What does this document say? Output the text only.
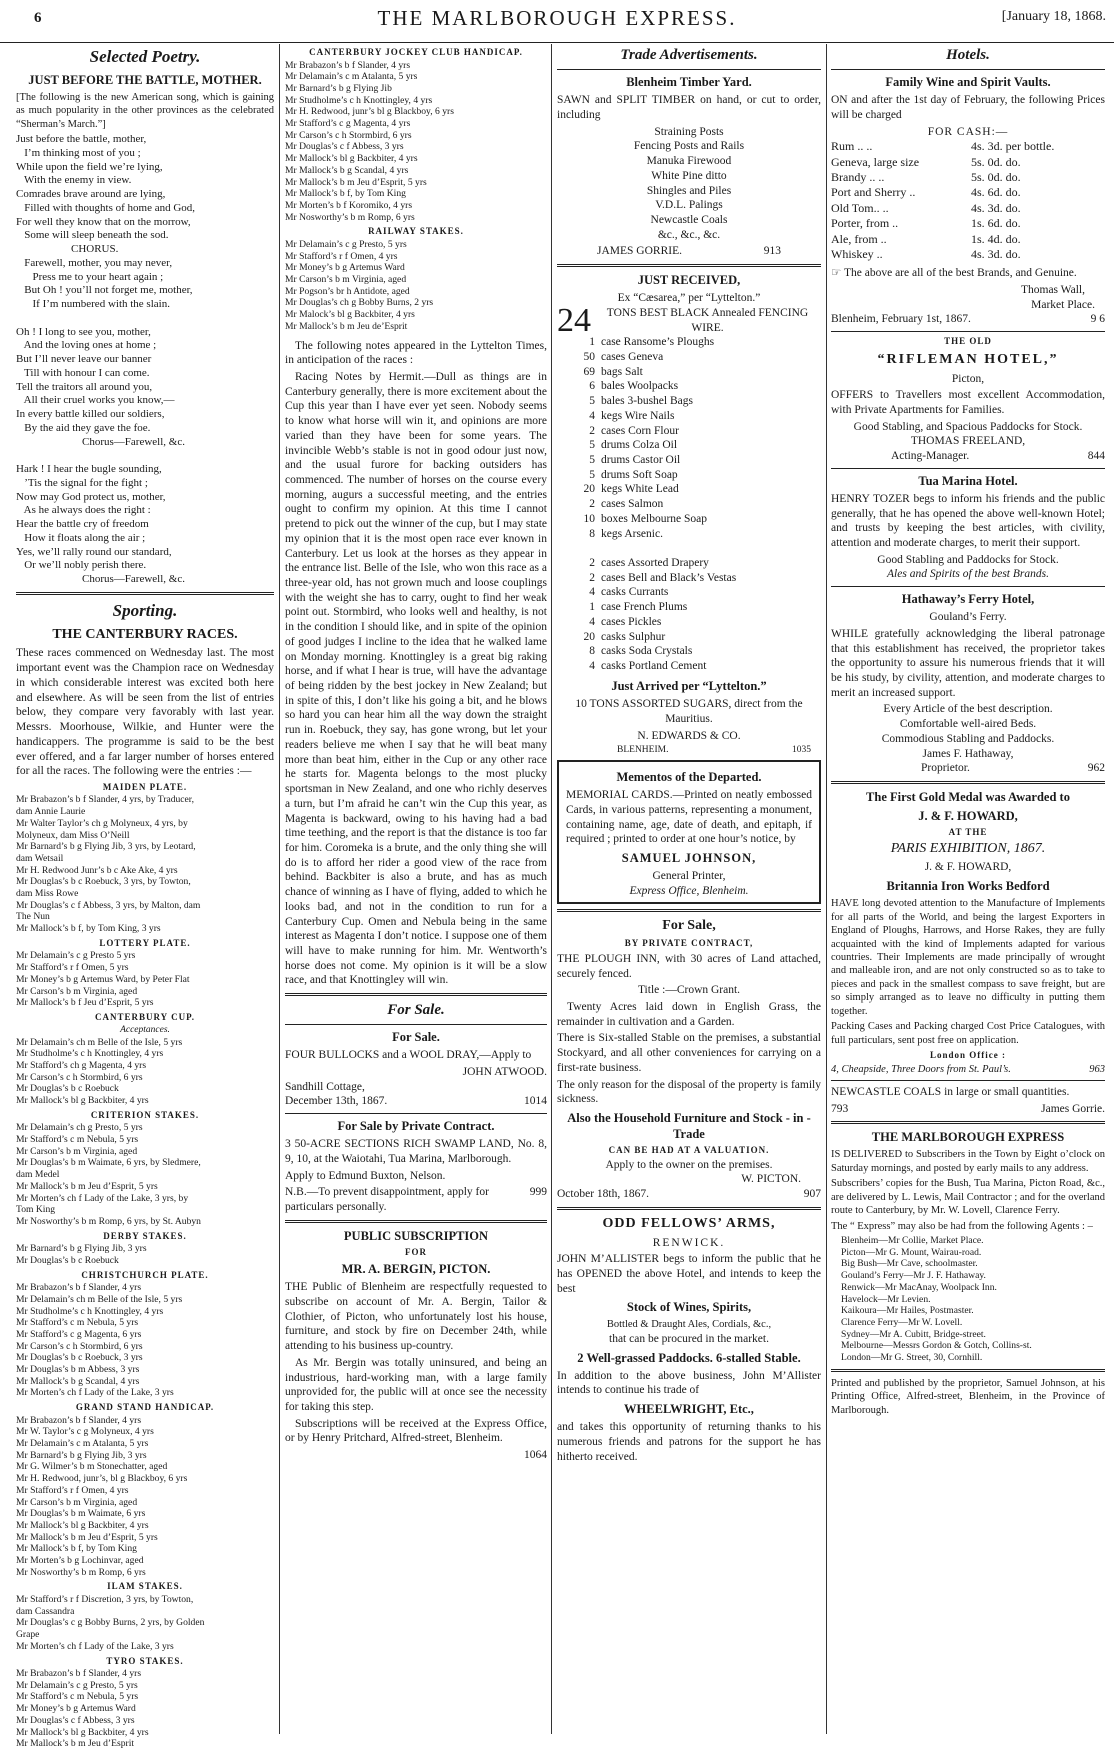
6	THE MARLBOROUGH EXPRESS.	[January 18, 1868.
Selected Poetry.
JUST BEFORE THE BATTLE, MOTHER.

[The following is the new American song, which is gaining as much popularity in the other provinces as the celebrated “Sherman’s March.”]

Just before the battle, mother,
I’m thinking most of you ;
While upon the field we’re lying,
With the enemy in view.
Comrades brave around are lying,
Filled with thoughts of home and God,
For well they know that on the morrow,
Some will sleep beneath the sod.
CHORUS.
Farewell, mother, you may never,
Press me to your heart again ;
But Oh ! you’ll not forget me, mother,
If I’m numbered with the slain.

Oh ! I long to see you, mother,
And the loving ones at home ;
But I’ll never leave our banner
Till with honour I can come.
Tell the traitors all around you,
All their cruel works you know,—
In every battle killed our soldiers,
By the aid they gave the foe.
Chorus—Farewell, &c.

Hark ! I hear the bugle sounding,
’Tis the signal for the fight ;
Now may God protect us, mother,
As he always does the right :
Hear the battle cry of freedom
How it floats along the air ;
Yes, we’ll rally round our standard,
Or we’ll nobly perish there.
Chorus—Farewell, &c.
Sporting.
THE CANTERBURY RACES.

These races commenced on Wednesday last. The most important event was the Champion race on Wednesday in which considerable interest was excited both here and elsewhere. As will be seen from the list of entries below, they compare very favorably with last year. Messrs. Moorhouse, Wilkie, and Hunter were the handicappers. The programme is said to be the best ever offered, and a far larger number of horses entered for all the races. The following were the entries :—

MAIDEN PLATE.
Mr Brabazon’s b f Slander, 4 yrs, by Traducer,
dam Annie Laurie
Mr Walter Taylor’s ch g Molyneux, 4 yrs, by
Molyneux, dam Miss O’Neill
Mr Barnard’s b g Flying Jib, 3 yrs, by Leotard,
dam Wetsail
Mr H. Redwood Junr’s b c Ake Ake, 4 yrs
Mr Douglas’s b c Roebuck, 3 yrs, by Towton,
dam Miss Rowe
Mr Douglas’s c f Abbess, 3 yrs, by Malton, dam
The Nun
Mr Mallock’s b f, by Tom King, 3 yrs
LOTTERY PLATE.
Mr Delamain’s c g Presto 5 yrs
Mr Stafford’s r f Omen, 5 yrs
Mr Money’s b g Artemus Ward, by Peter Flat
Mr Carson’s b m Virginia, aged
Mr Mallock’s b f Jeu d’Esprit, 5 yrs
CANTERBURY CUP.
Acceptances.
Mr Delamain’s ch m Belle of the Isle, 5 yrs
Mr Studholme’s c h Knottingley, 4 yrs
Mr Stafford’s ch g Magenta, 4 yrs
Mr Carson’s c h Stormbird, 6 yrs
Mr Douglas’s b c Roebuck
Mr Mallock’s bl g Backbiter, 4 yrs
CRITERION STAKES.
Mr Delamain’s ch g Presto, 5 yrs
Mr Stafford’s c m Nebula, 5 yrs
Mr Carson’s b m Virginia, aged
Mr Douglas’s b m Waimate, 6 yrs, by Sledmere,
dam Medel
Mr Mallock’s b m Jeu d’Esprit, 5 yrs
Mr Morten’s ch f Lady of the Lake, 3 yrs, by
Tom King
Mr Nosworthy’s b m Romp, 6 yrs, by St. Aubyn
DERBY STAKES.
Mr Barnard’s b g Flying Jib, 3 yrs
Mr Douglas’s b c Roebuck
CHRISTCHURCH PLATE.
Mr Brabazon’s b f Slander, 4 yrs
Mr Delamain’s ch m Belle of the Isle, 5 yrs
Mr Studholme’s c h Knottingley, 4 yrs
Mr Stafford’s c m Nebula, 5 yrs
Mr Stafford’s c g Magenta, 6 yrs
Mr Carson’s c h Stormbird, 6 yrs
Mr Douglas’s b c Roebuck, 3 yrs
Mr Douglas’s b m Abbess, 3 yrs
Mr Mallock’s b g Scandal, 4 yrs
Mr Morten’s ch f Lady of the Lake, 3 yrs
GRAND STAND HANDICAP.
Mr Brabazon’s b f Slander, 4 yrs
Mr W. Taylor’s c g Molyneux, 4 yrs
Mr Delamain’s c m Atalanta, 5 yrs
Mr Barnard’s b g Flying Jib, 3 yrs
Mr G. Wilmer’s b m Stonechatter, aged
Mr H. Redwood, junr’s, bl g Blackboy, 6 yrs
Mr Stafford’s r f Omen, 4 yrs
Mr Carson’s b m Virginia, aged
Mr Douglas’s b m Waimate, 6 yrs
Mr Mallock’s bl g Backbiter, 4 yrs
Mr Mallock’s b m Jeu d’Esprit, 5 yrs
Mr Mallock’s b f, by Tom King
Mr Morten’s b g Lochinvar, aged
Mr Nosworthy’s b m Romp, 6 yrs
ILAM STAKES.
Mr Stafford’s r f Discretion, 3 yrs, by Towton,
dam Cassandra
Mr Douglas’s c g Bobby Burns, 2 yrs, by Golden
Grape
Mr Morten’s ch f Lady of the Lake, 3 yrs
TYRO STAKES.
Mr Brabazon’s b f Slander, 4 yrs
Mr Delamain’s c g Presto, 5 yrs
Mr Stafford’s c m Nebula, 5 yrs
Mr Money’s b g Artemus Ward
Mr Douglas’s c f Abbess, 3 yrs
Mr Mallock’s bl g Backbiter, 4 yrs
Mr Mallock’s b m Jeu d’Esprit
CANTERBURY JOCKEY CLUB HANDICAP.
Mr Brabazon’s b f Slander, 4 yrs
Mr Delamain’s c m Atalanta, 5 yrs
Mr Barnard’s b g Flying Jib
Mr Studholme’s c h Knottingley, 4 yrs
Mr H. Redwood, junr’s bl g Blackboy, 6 yrs
Mr Stafford’s c g Magenta, 4 yrs
Mr Carson’s c h Stormbird, 6 yrs
Mr Douglas’s c f Abbess, 3 yrs
Mr Mallock’s bl g Backbiter, 4 yrs
Mr Mallock’s b g Scandal, 4 yrs
Mr Mallock’s b m Jeu d’Esprit, 5 yrs
Mr Mallock’s b f, by Tom King
Mr Morten’s b f Koromiko, 4 yrs
Mr Nosworthy’s b m Romp, 6 yrs
RAILWAY STAKES.
Mr Delamain’s c g Presto, 5 yrs
Mr Stafford’s r f Omen, 4 yrs
Mr Money’s b g Artemus Ward
Mr Carson’s b m Virginia, aged
Mr Pogson’s br h Antidote, aged
Mr Douglas’s ch g Bobby Burns, 2 yrs
Mr Malock’s bl g Backbiter, 4 yrs
Mr Mallock’s b m Jeu de’Esprit

The following notes appeared in the Lyttelton Times, in anticipation of the races :

Racing Notes by Hermit.—Dull as things are in Canterbury generally, there is more excitement about the Cup this year than I have ever yet seen. Nobody seems to know what horse will win it, and opinions are more varied than they have been for some years. The invincible Webb’s stable is not in good odour just now, and the usual furore for backing outsiders has commenced. The number of horses on the course every morning, augurs a successful meeting, and the entries ought to confirm my opinion. At this time I cannot pretend to pick out the winner of the cup, but I may state my opinion that it is the most open race ever known in Canterbury. Let us look at the horses as they appear in the entrance list. Belle of the Isle, who won this race as a three-year old, has not grown much and loose couplings with the weight she has to carry, ought to find her weak point out. Stormbird, who looks well and healthy, is not in the condition I should like, and in spite of the opinion of good judges I incline to the idea that he walked lame on Monday morning. Knottingley is a great big raking horse, and if what I hear is true, will have the advantage of being ridden by the best jockey in New Zealand; but in spite of this, I don’t like his going a bit, and he blows so hard you can hear him all the way down the straight run in. Roebuck, they say, has gone wrong, but let your readers believe me when I say that he will beat many more than beat him, either in the Cup or any other race he starts for. Magenta belongs to the most plucky sportsman in New Zealand, and one who richly deserves a turn, but I’m afraid he can’t win the Cup this year, as Magenta is backward, owing to his having had a bad time teething, and the report is that the distance is too far for him. Coromeka is a brute, and the only thing she will do is to afford her rider a good view of the race from behind. Backbiter is also a brute, and has as much chance of winning as I have of flying, added to which he looks bad, and not in the condition to run for a Canterbury Cup. Omen and Nebula being in the same interest as Magenta I don’t notice. I suppose one of them will have to make running for him. Mr. Wentworth’s horse does not come. My opinion is it will be a slow race, and that Knottingley will win.

For Sale.
For Sale.

FOUR BULLOCKS and a WOOL DRAY,—Apply to

JOHN ATWOOD.
Sandhill Cottage,
December 13th, 1867.	1014
For Sale by Private Contract.

3 50-ACRE SECTIONS RICH SWAMP LAND, No. 8, 9, 10, at the Waiotahi, Tua Marina, Marlborough.

Apply to Edmund Buxton, Nelson.

N.B.—To prevent disappointment, apply for particulars personally.
999
PUBLIC SUBSCRIPTION
FOR
MR. A. BERGIN, PICTON.

THE Public of Blenheim are respectfully requested to subscribe on account of Mr. A. Bergin, Tailor & Clothier, of Picton, who unfortunately lost his house, furniture, and stock by fire on December 24th, while attending to his business up-country.

As Mr. Bergin was totally uninsured, and being an industrious, hard-working man, with a large family unprovided for, the public will at once see the necessity for taking this step.

Subscriptions will be received at the Express Office, or by Henry Pritchard, Alfred-street, Blenheim.

1064
Trade Advertisements.
Blenheim Timber Yard.

SAWN and SPLIT TIMBER on hand, or cut to order, including

Straining Posts
Fencing Posts and Rails
Manuka Firewood
White Pine ditto
Shingles and Piles
V.D.L. Palings
Newcastle Coals
&c., &c., &c.
JAMES GORRIE.	913
JUST RECEIVED,
Ex “Cæsarea,” per “Lyttelton.”
24	TONS BEST BLACK Annealed FENCING WIRE.
1 case Ransome’s Ploughs
50 cases Geneva
69 bags Salt
6 bales Woolpacks
5 bales 3-bushel Bags
4 kegs Wire Nails
2 cases Corn Flour
5 drums Colza Oil
5 drums Castor Oil
5 drums Soft Soap
20 kegs White Lead
2 cases Salmon
10 boxes Melbourne Soap
8 kegs Arsenic.

2 cases Assorted Drapery
2 cases Bell and Black’s Vestas
4 casks Currants
1 case French Plums
4 cases Pickles
20 casks Sulphur
8 casks Soda Crystals
4 casks Portland Cement
Just Arrived per “Lyttelton.”
10 TONS ASSORTED SUGARS, direct from the Mauritius.
N. EDWARDS & CO.
BLENHEIM.	1035
Mementos of the Departed.

MEMORIAL CARDS.—Printed on neatly embossed Cards, in various patterns, representing a monument, containing name, age, date of death, and epitaph, if required ; printed to order at one hour’s notice, by

SAMUEL JOHNSON,
General Printer,
Express Office, Blenheim.
For Sale,
BY PRIVATE CONTRACT,

THE PLOUGH INN, with 30 acres of Land attached, securely fenced.

Title :—Crown Grant.

Twenty Acres laid down in English Grass, the remainder in cultivation and a Garden.

There is Six-stalled Stable on the premises, a substantial Stockyard, and all other conveniences for carrying on a first-rate business.

The only reason for the disposal of the property is family sickness.

Also the Household Furniture and Stock - in - Trade
CAN BE HAD AT A VALUATION.
Apply to the owner on the premises.
W. PICTON.
October 18th, 1867.	907
ODD FELLOWS’ ARMS,
RENWICK.

JOHN M’ALLISTER begs to inform the public that he has OPENED the above Hotel, and intends to keep the best

Stock of Wines, Spirits,
Bottled & Draught Ales, Cordials, &c.,
that can be procured in the market.
2 Well-grassed Paddocks. 6-stalled Stable.

In addition to the above business, John M’Allister intends to continue his trade of

WHEELWRIGHT, Etc.,

and takes this opportunity of returning thanks to his numerous friends and patrons for the support he has hitherto received.

Hotels.
Family Wine and Spirit Vaults.

ON and after the 1st day of February, the following Prices will be charged

FOR CASH:—
Rum .. ..	4s. 3d. per bottle.
Geneva, large size	5s. 0d. do.
Brandy .. ..	5s. 0d. do.
Port and Sherry ..	4s. 6d. do.
Old Tom.. ..	4s. 3d. do.
Porter, from ..	1s. 6d. do.
Ale, from ..	1s. 4d. do.
Whiskey ..	4s. 3d. do.

☞ The above are all of the best Brands, and Genuine.

Thomas Wall,
Market Place.
Blenheim, February 1st, 1867.	9 6
THE OLD
“RIFLEMAN HOTEL,”
Picton,

OFFERS to Travellers most excellent Accommodation, with Private Apartments for Families.

Good Stabling, and Spacious Paddocks for Stock.
THOMAS FREELAND,
Acting-Manager.	844
Tua Marina Hotel.

HENRY TOZER begs to inform his friends and the public generally, that he has opened the above well-known Hotel; and trusts by keeping the best articles, with civility, attention and moderate charges, to merit their support.

Good Stabling and Paddocks for Stock.
Ales and Spirits of the best Brands.
Hathaway’s Ferry Hotel,
Gouland’s Ferry.

WHILE gratefully acknowledging the liberal patronage that this establishment has received, the proprietor takes the opportunity to assure his numerous friends that it will be his study, by civility, attention, and moderate charges to merit an increased support.

Every Article of the best description.
Comfortable well-aired Beds.
Commodious Stabling and Paddocks.
James F. Hathaway,
Proprietor.	962
The First Gold Medal was Awarded to
J. & F. HOWARD,
AT THE
PARIS EXHIBITION, 1867.
J. & F. HOWARD,
Britannia Iron Works Bedford

HAVE long devoted attention to the Manufacture of Implements for all parts of the World, and being the largest Exporters in England of Ploughs, Harrows, and Horse Rakes, they are fully acquainted with the kind of Implements adapted for various countries. Their Implements are made principally of wrought and malleable iron, and are not only constructed so as to take to pieces and pack in the smallest compass to save freight, but are so simply arranged as to leave no difficulty in putting them together.

Packing Cases and Packing charged Cost Price Catalogues, with full particulars, sent post free on application.

London Office :
4, Cheapside, Three Doors from St. Paul’s.	963

NEWCASTLE COALS in large or small quantities.

793	James Gorrie.
THE MARLBOROUGH EXPRESS

IS DELIVERED to Subscribers in the Town by Eight o’clock on Saturday mornings, and posted by early mails to any address.

Subscribers’ copies for the Bush, Tua Marina, Picton Road, &c., are delivered by L. Lewis, Mail Contractor ; and for the overland route to Canterbury, by Mr. W. Lovell, Clarence Ferry.

The “ Express” may also be had from the following Agents : –

Blenheim—Mr Collie, Market Place.
Picton—Mr G. Mount, Wairau-road.
Big Bush—Mr Cave, schoolmaster.
Gouland’s Ferry—Mr J. F. Hathaway.
Renwick—Mr MacAnay, Woolpack Inn.
Havelock—Mr Levien.
Kaikoura—Mr Hailes, Postmaster.
Clarence Ferry—Mr W. Lovell.
Sydney—Mr A. Cubitt, Bridge-street.
Melbourne—Messrs Gordon & Gotch, Collins-st.
London—Mr G. Street, 30, Cornhill.

Printed and published by the proprietor, Samuel Johnson, at his Printing Office, Alfred-street, Blenheim, in the Province of Marlborough.
